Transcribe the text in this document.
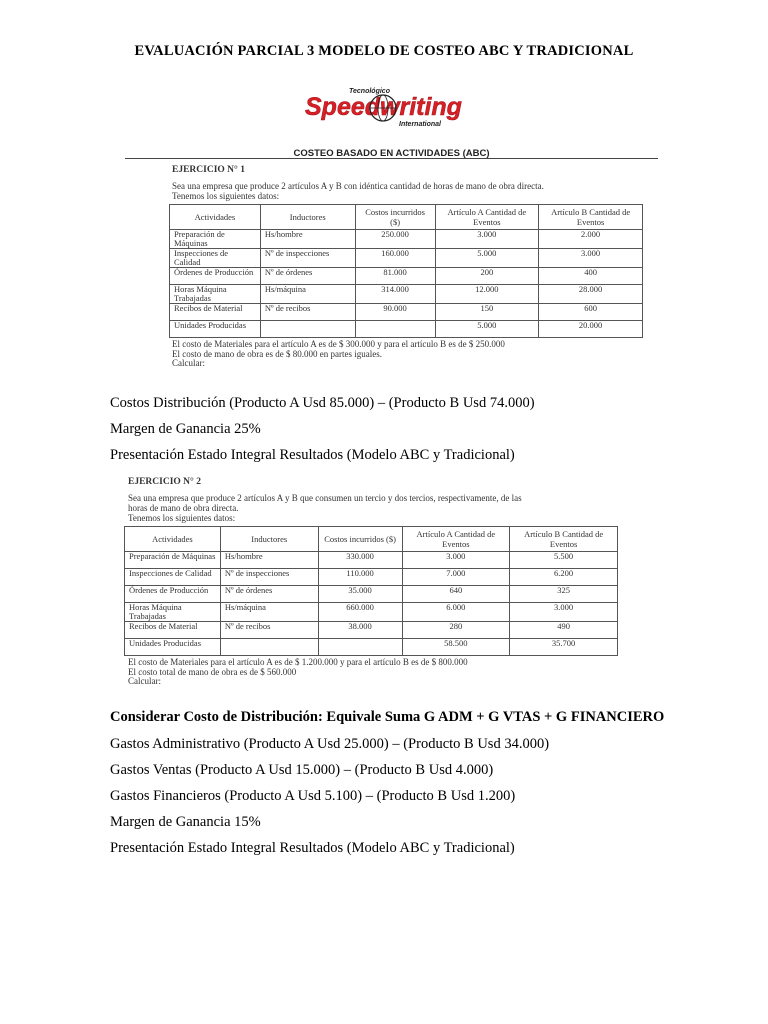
EVALUACIÓN PARCIAL 3 MODELO DE COSTEO ABC Y TRADICIONAL
Tecnológico
Speedwriting
International
COSTEO BASADO EN ACTIVIDADES (ABC)
EJERCICIO N° 1
Sea una empresa que produce 2 artículos A y B con idéntica cantidad de horas de mano de obra directa.
Tenemos los siguientes datos:
Actividades	Inductores	Costos incurridos ($)	Artículo A Cantidad de Eventos	Artículo B Cantidad de Eventos
Preparación de Máquinas	Hs/hombre	250.000	3.000	2.000
Inspecciones de Calidad	Nº de inspecciones	160.000	5.000	3.000
Órdenes de Producción	Nº de órdenes	81.000	200	400
Horas Máquina Trabajadas	Hs/máquina	314.000	12.000	28.000
Recibos de Material	Nº de recibos	90.000	150	600
Unidades Producidas			5.000	20.000
El costo de Materiales para el artículo A es de $ 300.000 y para el artículo B es de $ 250.000
El costo de mano de obra es de $ 80.000 en partes iguales.
Calcular:
Costos Distribución (Producto A Usd 85.000) – (Producto B Usd 74.000)
Margen de Ganancia 25%
Presentación Estado Integral Resultados (Modelo ABC y Tradicional)
EJERCICIO N° 2
Sea una empresa que produce 2 artículos A y B que consumen un tercio y dos tercios, respectivamente, de las
horas de mano de obra directa.
Tenemos los siguientes datos:
Actividades	Inductores	Costos incurridos ($)	Artículo A Cantidad de Eventos	Artículo B Cantidad de Eventos
Preparación de Máquinas	Hs/hombre	330.000	3.000	5.500
Inspecciones de Calidad	Nº de inspecciones	110.000	7.000	6.200
Órdenes de Producción	Nº de órdenes	35.000	640	325
Horas Máquina Trabajadas	Hs/máquina	660.000	6.000	3.000
Recibos de Material	Nº de recibos	38.000	280	490
Unidades Producidas			58.500	35.700
El costo de Materiales para el artículo A es de $ 1.200.000 y para el artículo B es de $ 800.000
El costo total de mano de obra es de $ 560.000
Calcular:
Considerar Costo de Distribución: Equivale Suma G ADM + G VTAS + G FINANCIERO
Gastos Administrativo (Producto A Usd 25.000) – (Producto B Usd 34.000)
Gastos Ventas (Producto A Usd 15.000) – (Producto B Usd 4.000)
Gastos Financieros (Producto A Usd 5.100) – (Producto B Usd 1.200)
Margen de Ganancia 15%
Presentación Estado Integral Resultados (Modelo ABC y Tradicional)
